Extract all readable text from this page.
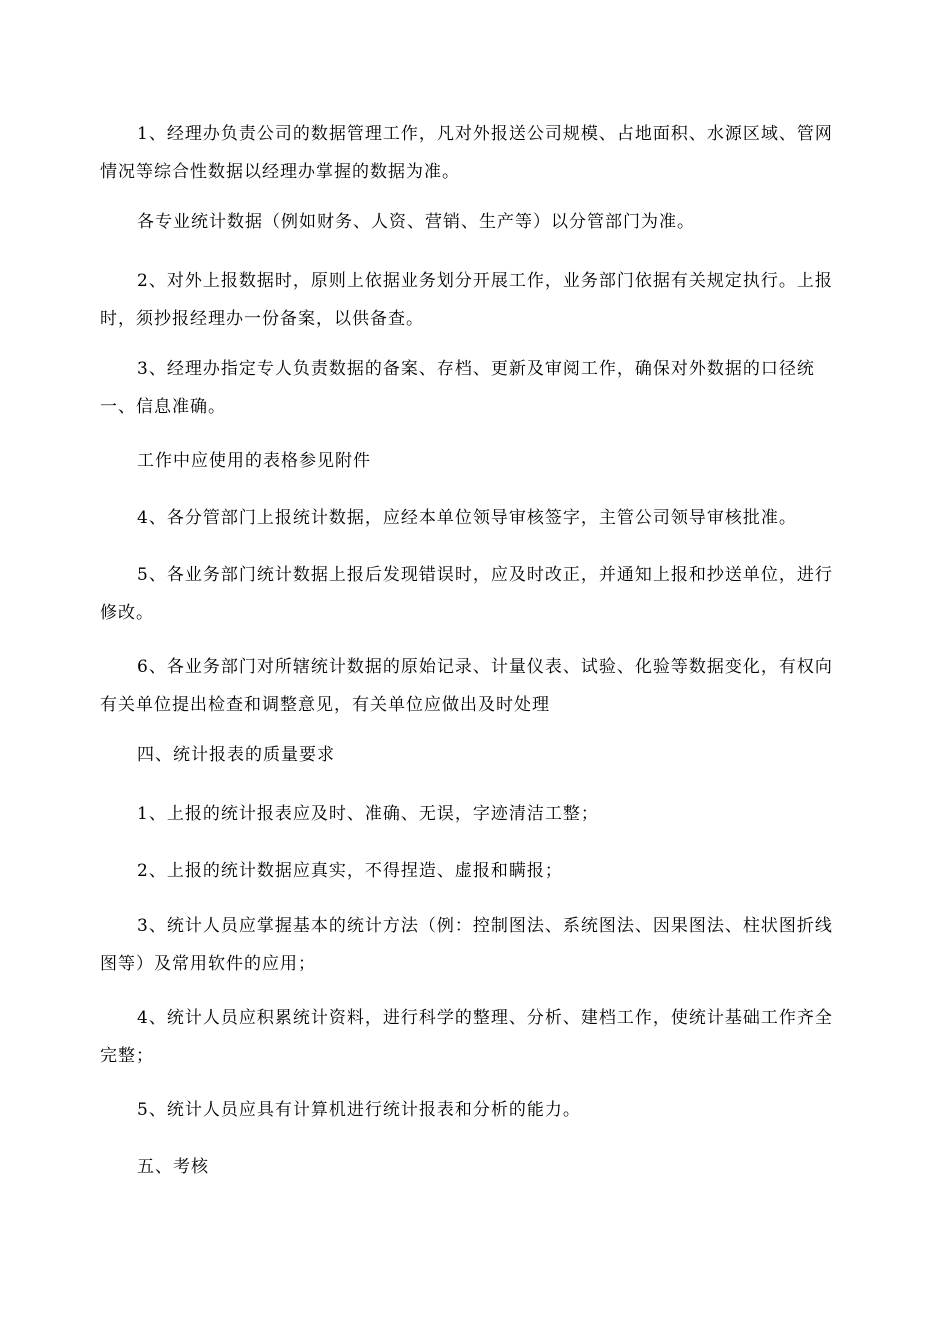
1、经理办负责公司的数据管理工作，凡对外报送公司规模、占地面积、水源区域、管网情况等综合性数据以经理办掌握的数据为准。

各专业统计数据（例如财务、人资、营销、生产等）以分管部门为准。

2、对外上报数据时，原则上依据业务划分开展工作，业务部门依据有关规定执行。上报时，须抄报经理办一份备案，以供备查。

3、经理办指定专人负责数据的备案、存档、更新及审阅工作，确保对外数据的口径统一、信息准确。

工作中应使用的表格参见附件

4、各分管部门上报统计数据，应经本单位领导审核签字，主管公司领导审核批准。

5、各业务部门统计数据上报后发现错误时，应及时改正，并通知上报和抄送单位，进行修改。

6、各业务部门对所辖统计数据的原始记录、计量仪表、试验、化验等数据变化，有权向有关单位提出检查和调整意见，有关单位应做出及时处理

四、统计报表的质量要求

1、上报的统计报表应及时、准确、无误，字迹清洁工整；

2、上报的统计数据应真实，不得捏造、虚报和瞒报；

3、统计人员应掌握基本的统计方法（例：控制图法、系统图法、因果图法、柱状图折线图等）及常用软件的应用；

4、统计人员应积累统计资料，进行科学的整理、分析、建档工作，使统计基础工作齐全完整；

5、统计人员应具有计算机进行统计报表和分析的能力。

五、考核
